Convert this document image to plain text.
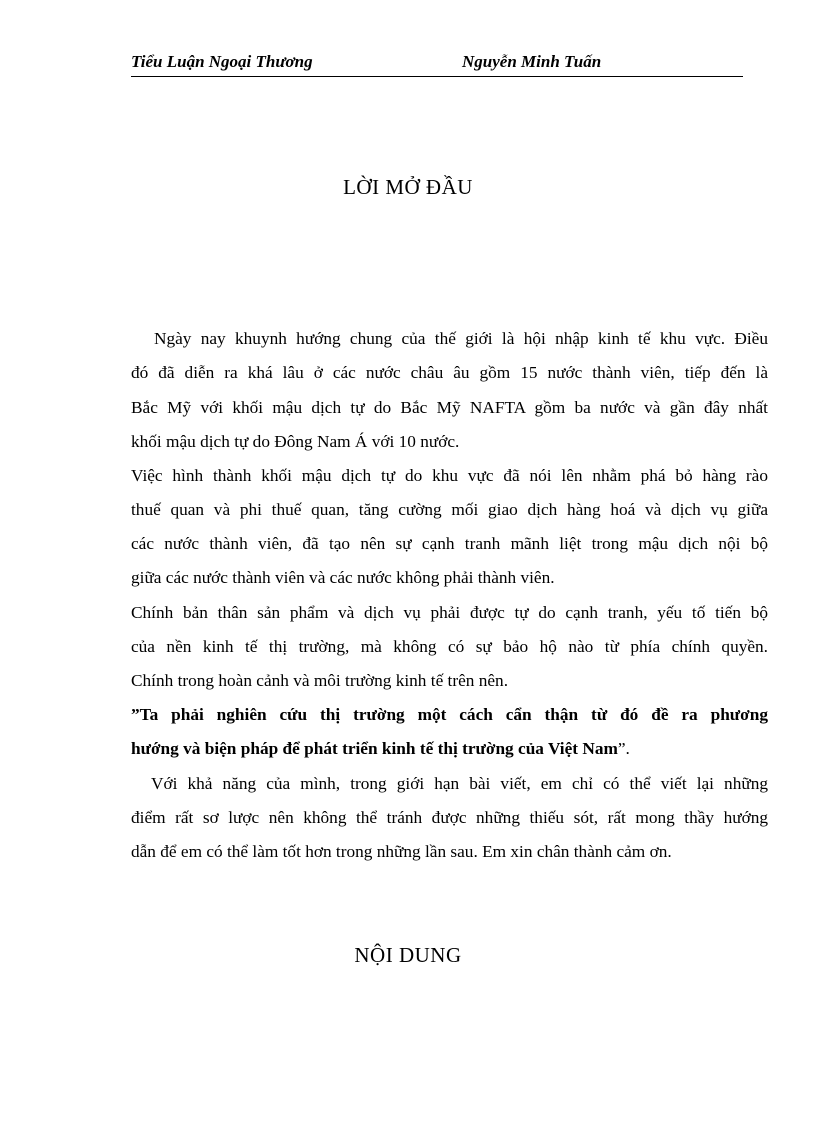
Tiểu Luận Ngoại Thương	Nguyễn Minh Tuấn
LỜI MỞ ĐẦU
Ngày nay khuynh hướng chung của thế giới là hội nhập kinh tế khu vực. Điều
đó đã diễn ra khá lâu ở các nước châu âu gồm 15 nước thành viên, tiếp đến là
Bắc Mỹ với khối mậu dịch tự do Bắc Mỹ NAFTA gồm ba nước và gần đây nhất
khối mậu dịch tự do Đông Nam Á với 10 nước.
Việc hình thành khối mậu dịch tự do khu vực đã nói lên nhằm phá bỏ hàng rào
thuế quan và phi thuế quan, tăng cường mối giao dịch hàng hoá và dịch vụ giữa
các nước thành viên, đã tạo nên sự cạnh tranh mãnh liệt trong mậu dịch nội bộ
giữa các nước thành viên và các nước không phải thành viên.
Chính bản thân sản phẩm và dịch vụ phải được tự do cạnh tranh, yếu tố tiến bộ
của nền kinh tế thị trường, mà không có sự bảo hộ nào từ phía chính quyền.
Chính trong hoàn cảnh và môi trường kinh tế trên nên.
”Ta phải nghiên cứu thị trường một cách cẩn thận từ đó đề ra phương
hướng và biện pháp để phát triển kinh tế thị trường của Việt Nam”.
Với khả năng của mình, trong giới hạn bài viết, em chỉ có thể viết lại những
điểm rất sơ lược nên không thể tránh được những thiếu sót, rất mong thầy hướng
dẫn để em có thể làm tốt hơn trong những lần sau. Em xin chân thành cảm ơn.
NỘI DUNG
